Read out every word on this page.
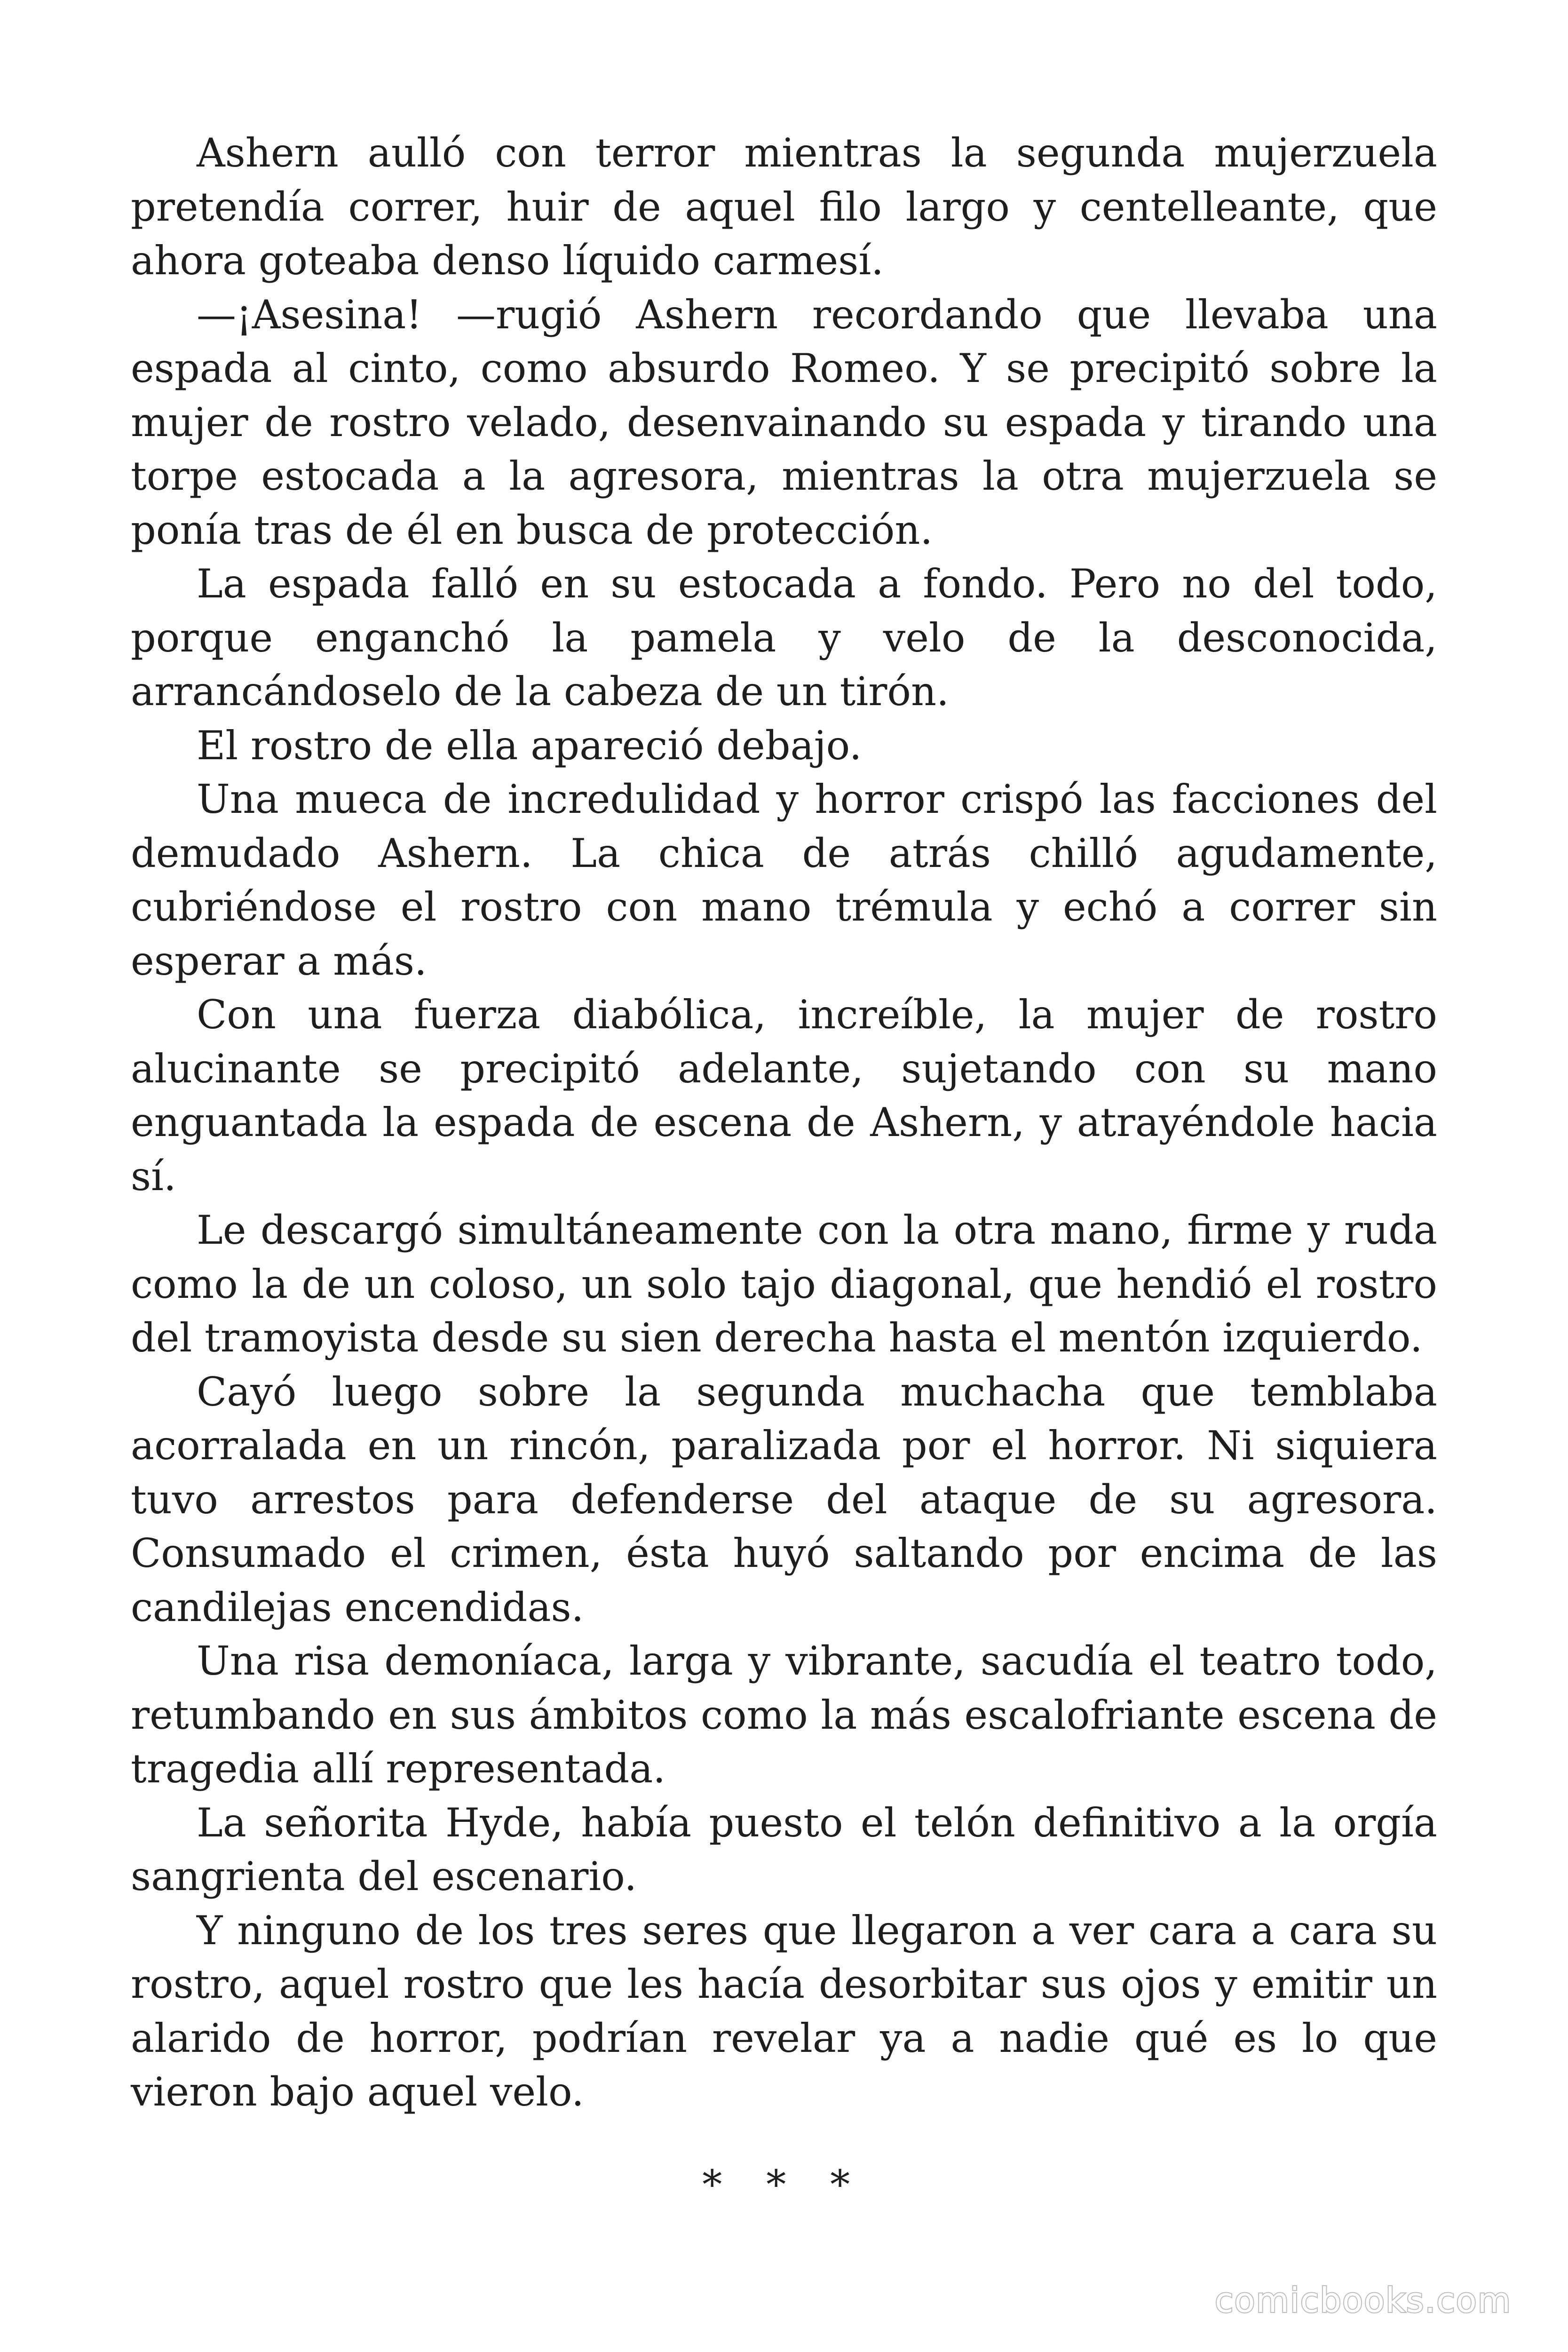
Ashern aulló con terror mientras la segunda mujerzuela pretendía correr, huir de aquel filo largo y centelleante, que ahora goteaba denso líquido carmesí.

—¡Asesina! —rugió Ashern recordando que llevaba una espada al cinto, como absurdo Romeo. Y se precipitó sobre la mujer de rostro velado, desenvainando su espada y tirando una torpe estocada a la agresora, mientras la otra mujerzuela se ponía tras de él en busca de protección.

La espada falló en su estocada a fondo. Pero no del todo, porque enganchó la pamela y velo de la desconocida, arrancándoselo de la cabeza de un tirón.

El rostro de ella apareció debajo.

Una mueca de incredulidad y horror crispó las facciones del demudado Ashern. La chica de atrás chilló agudamente, cubriéndose el rostro con mano trémula y echó a correr sin esperar a más.

Con una fuerza diabólica, increíble, la mujer de rostro alucinante se precipitó adelante, sujetando con su mano enguantada la espada de escena de Ashern, y atrayéndole hacia sí.

Le descargó simultáneamente con la otra mano, firme y ruda como la de un coloso, un solo tajo diagonal, que hendió el rostro del tramoyista desde su sien derecha hasta el mentón izquierdo.

Cayó luego sobre la segunda muchacha que temblaba acorralada en un rincón, paralizada por el horror. Ni siquiera tuvo arrestos para defenderse del ataque de su agresora. Consumado el crimen, ésta huyó saltando por encima de las candilejas encendidas.

Una risa demoníaca, larga y vibrante, sacudía el teatro todo, retumbando en sus ámbitos como la más escalofriante escena de tragedia allí representada.

La señorita Hyde, había puesto el telón definitivo a la orgía sangrienta del escenario.

Y ninguno de los tres seres que llegaron a ver cara a cara su rostro, aquel rostro que les hacía desorbitar sus ojos y emitir un alarido de horror, podrían revelar ya a nadie qué es lo que vieron bajo aquel velo.

* * *
comicbooks.com
